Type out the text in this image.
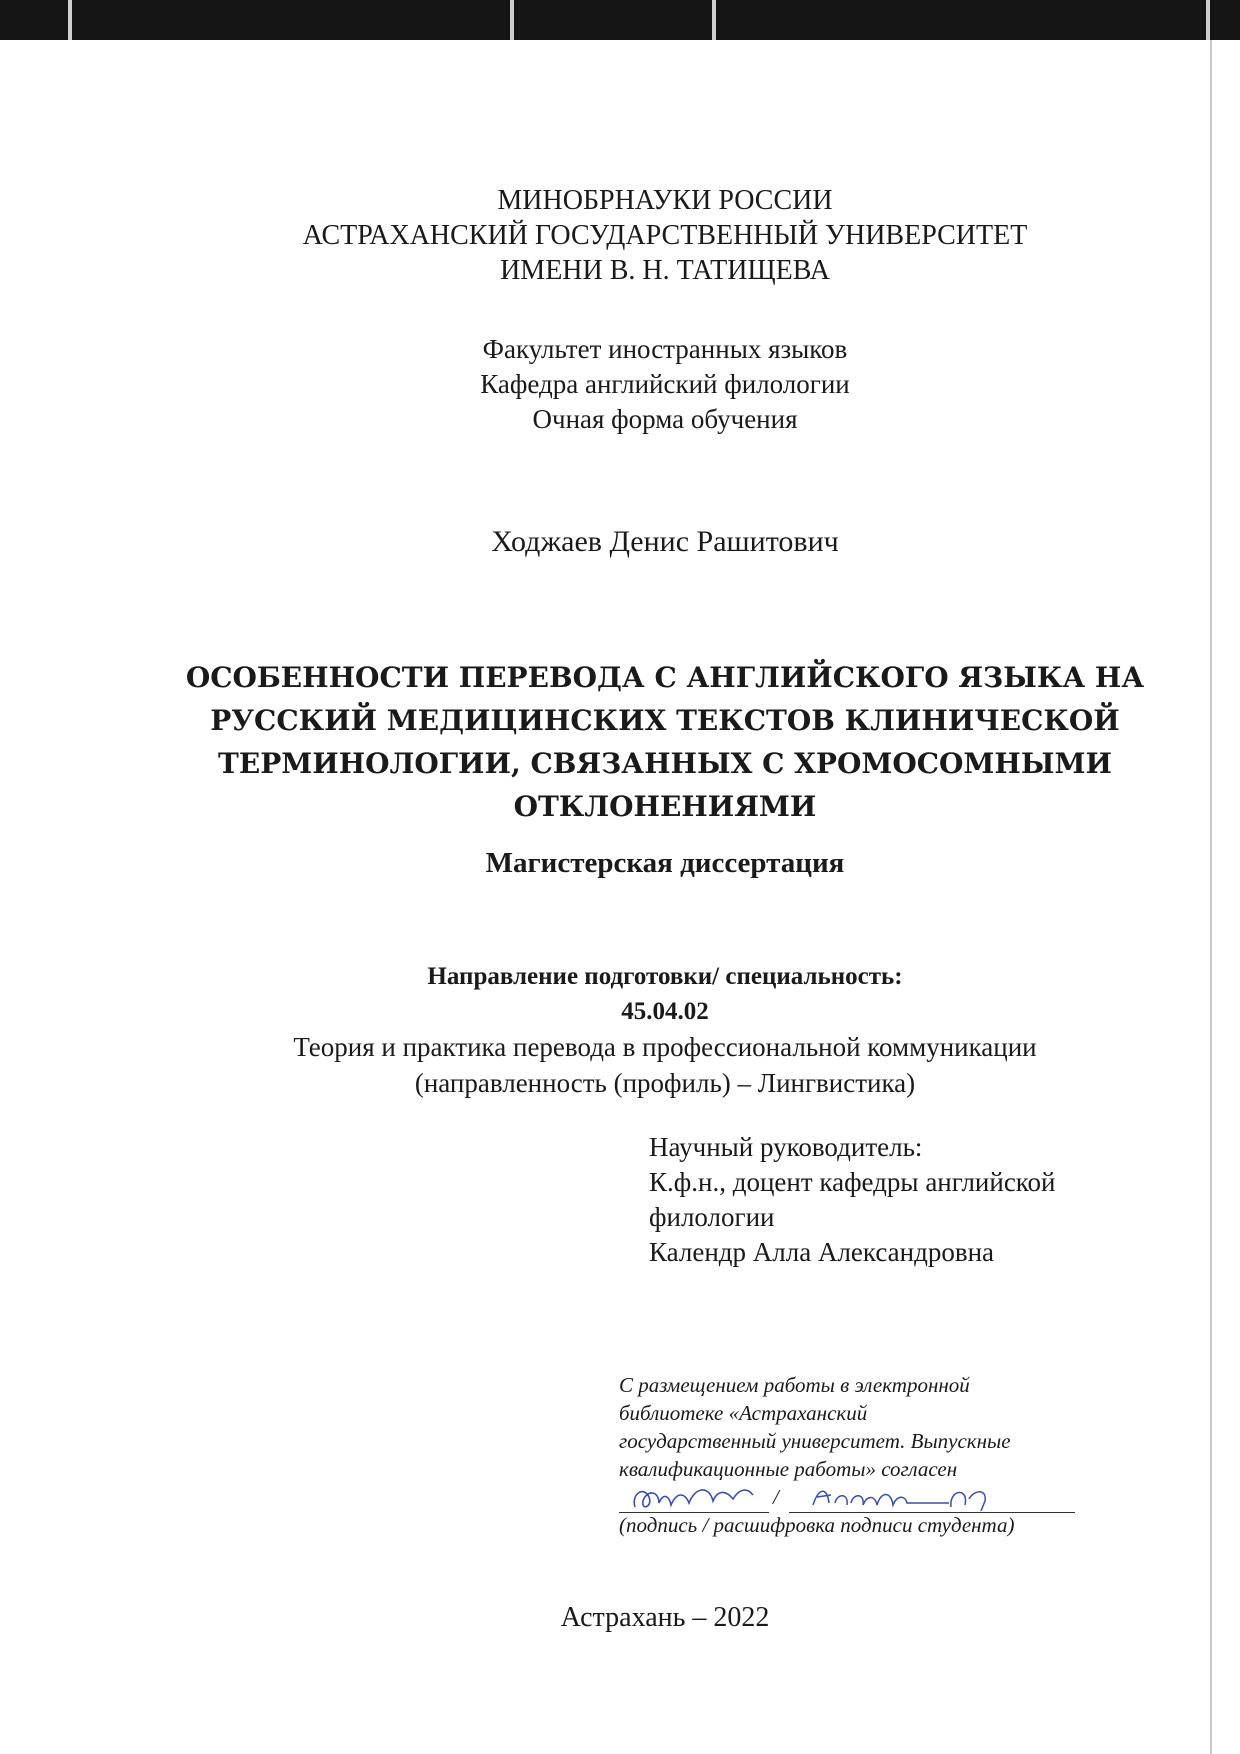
МИНОБРНАУКИ РОССИИ
АСТРАХАНСКИЙ ГОСУДАРСТВЕННЫЙ УНИВЕРСИТЕТ
ИМЕНИ В. Н. ТАТИЩЕВА
Факультет иностранных языков
Кафедра английский филологии
Очная форма обучения
Ходжаев Денис Рашитович
ОСОБЕННОСТИ ПЕРЕВОДА С АНГЛИЙСКОГО ЯЗЫКА НА
РУССКИЙ МЕДИЦИНСКИХ ТЕКСТОВ КЛИНИЧЕСКОЙ
ТЕРМИНОЛОГИИ, СВЯЗАННЫХ С ХРОМОСОМНЫМИ
ОТКЛОНЕНИЯМИ
Магистерская диссертация
Направление подготовки/ специальность:
45.04.02
Теория и практика перевода в профессиональной коммуникации
(направленность (профиль) – Лингвистика)
Научный руководитель:
К.ф.н., доцент кафедры английской
филологии
Календр Алла Александровна
С размещением работы в электронной
библиотеке «Астраханский
государственный университет. Выпускные
квалификационные работы» согласен
/
(подпись / расшифровка подписи студента)
Астрахань – 2022
